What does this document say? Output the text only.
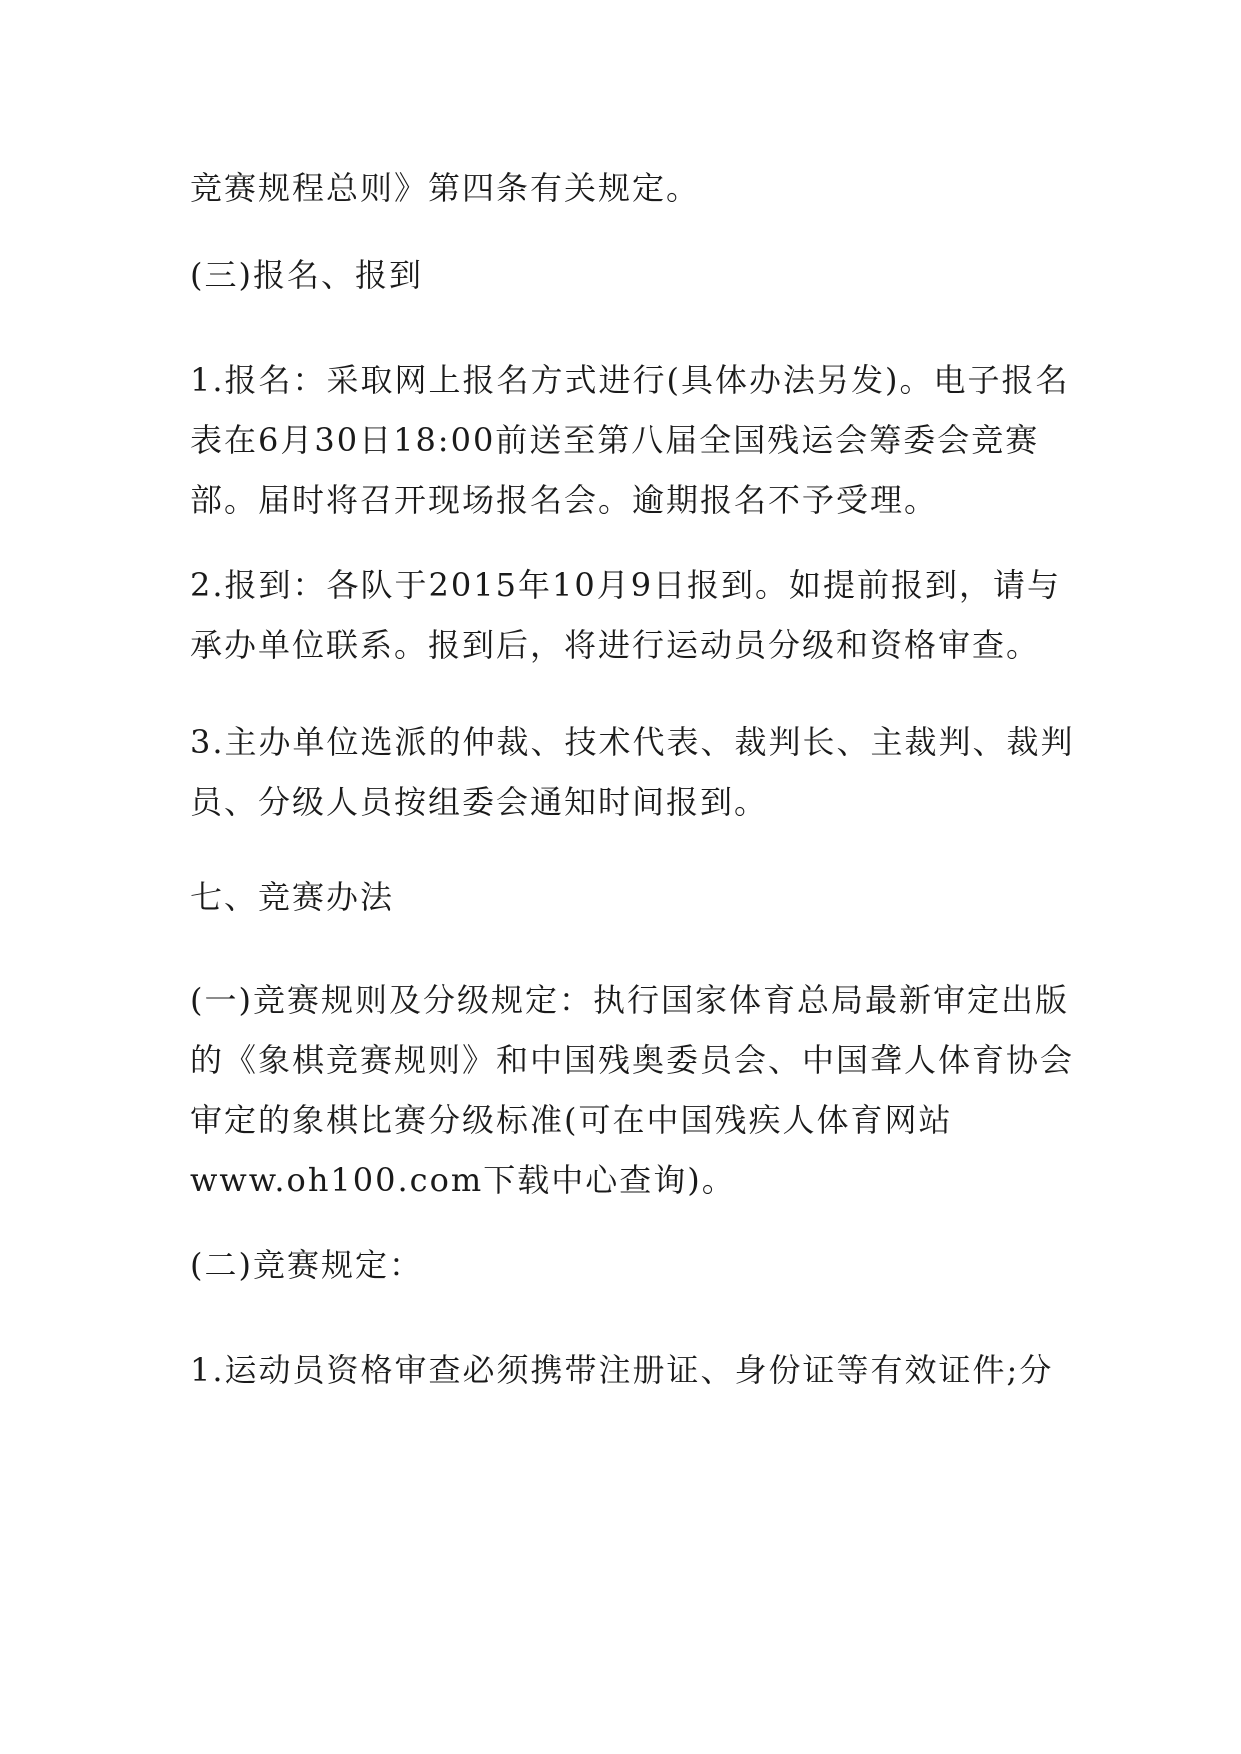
竞赛规程总则》第四条有关规定。
(三)报名、报到
1.报名：采取网上报名方式进行(具体办法另发)。电子报名
表在6月30日18:00前送至第八届全国残运会筹委会竞赛
部。届时将召开现场报名会。逾期报名不予受理。
2.报到：各队于2015年10月9日报到。如提前报到，请与
承办单位联系。报到后，将进行运动员分级和资格审查。
3.主办单位选派的仲裁、技术代表、裁判长、主裁判、裁判
员、分级人员按组委会通知时间报到。
七、竞赛办法
(一)竞赛规则及分级规定：执行国家体育总局最新审定出版
的《象棋竞赛规则》和中国残奥委员会、中国聋人体育协会
审定的象棋比赛分级标准(可在中国残疾人体育网站
www.oh100.com下载中心查询)。
(二)竞赛规定：
1.运动员资格审查必须携带注册证、身份证等有效证件;分
